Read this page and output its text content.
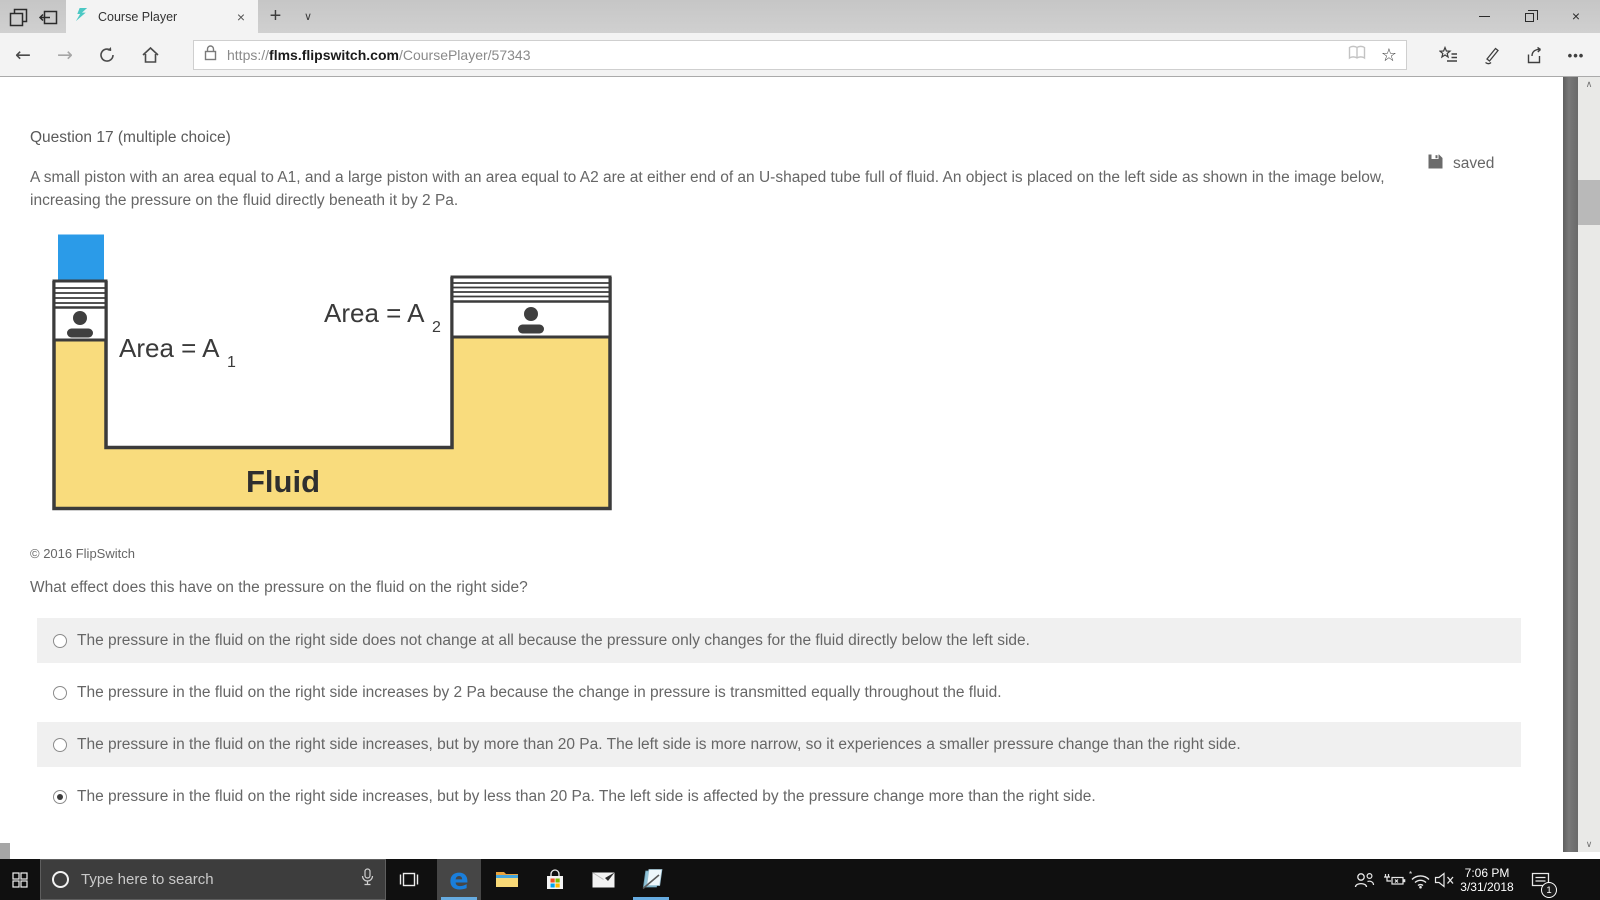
Course Player	×	+	∨	×
←	→	https://flms.flipswitch.com/CoursePlayer/57343	☆	•••
Question 17 (multiple choice)
saved
A small piston with an area equal to A1, and a large piston with an area equal to A2 are at either end of an U-shaped tube full of fluid. An object is placed on the left side as shown in the image below, increasing the pressure on the fluid directly beneath it by 2 Pa.
Area = A 1
Area = A 2
Fluid
© 2016 FlipSwitch
What effect does this have on the pressure on the fluid on the right side?
The pressure in the fluid on the right side does not change at all because the pressure only changes for the fluid directly below the left side.
The pressure in the fluid on the right side increases by 2 Pa because the change in pressure is transmitted equally throughout the fluid.
The pressure in the fluid on the right side increases, but by more than 20 Pa. The left side is more narrow, so it experiences a smaller pressure change than the right side.
The pressure in the fluid on the right side increases, but by less than 20 Pa. The left side is affected by the pressure change more than the right side.
∧
∨
Type here to search	e	*	7:06 PM
3/31/2018	1
